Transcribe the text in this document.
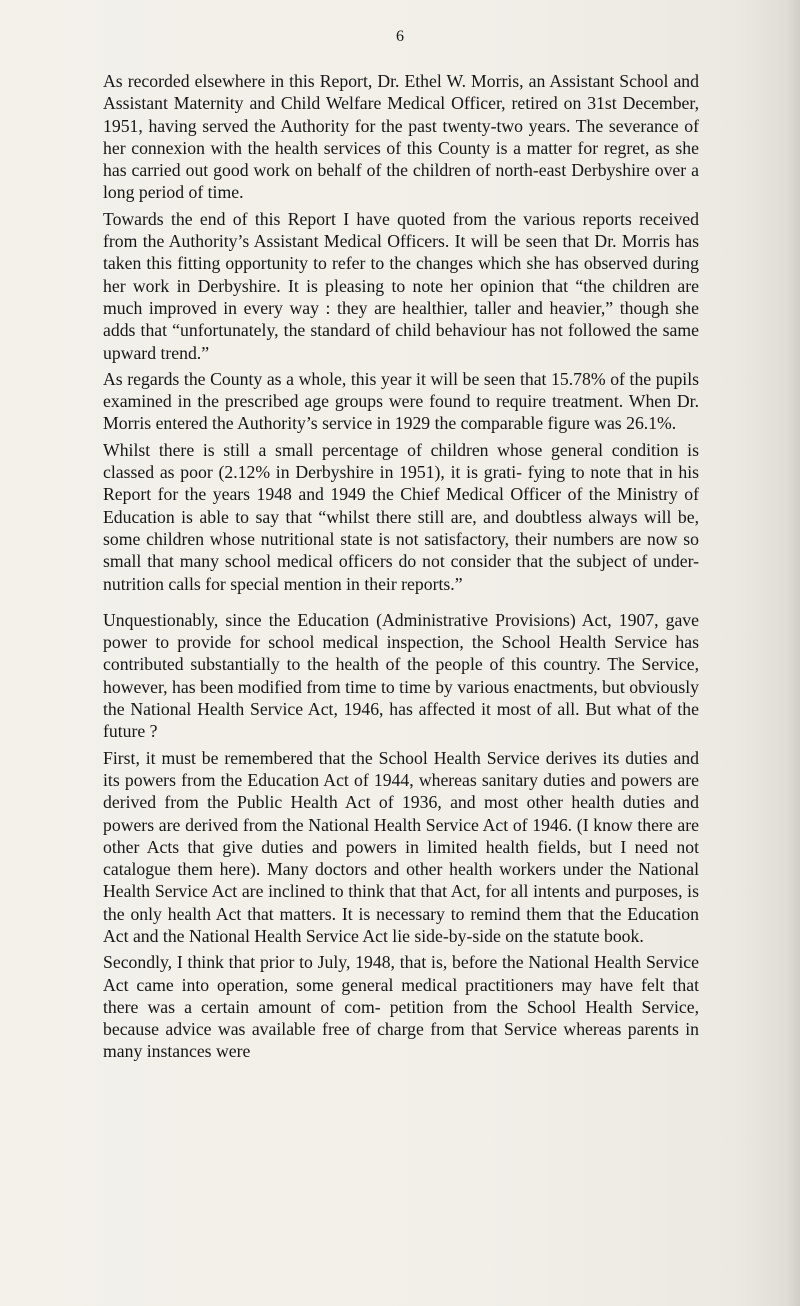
6

As recorded elsewhere in this Report, Dr. Ethel W. Morris, an Assistant School and Assistant Maternity and Child Welfare Medical Officer, retired on 31st December, 1951, having served the Authority for the past twenty-two years. The severance of her connexion with the health services of this County is a matter for regret, as she has carried out good work on behalf of the children of north-east Derbyshire over a long period of time.

Towards the end of this Report I have quoted from the various reports received from the Authority’s Assistant Medical Officers. It will be seen that Dr. Morris has taken this fitting opportunity to refer to the changes which she has observed during her work in Derbyshire. It is pleasing to note her opinion that “the children are much improved in every way : they are healthier, taller and heavier,” though she adds that “unfortunately, the standard of child behaviour has not followed the same upward trend.”

As regards the County as a whole, this year it will be seen that 15.78% of the pupils examined in the prescribed age groups were found to require treatment. When Dr. Morris entered the Authority’s service in 1929 the comparable figure was 26.1%.

Whilst there is still a small percentage of children whose general condition is classed as poor (2.12% in Derbyshire in 1951), it is grati- fying to note that in his Report for the years 1948 and 1949 the Chief Medical Officer of the Ministry of Education is able to say that “whilst there still are, and doubtless always will be, some children whose nutritional state is not satisfactory, their numbers are now so small that many school medical officers do not consider that the subject of under-nutrition calls for special mention in their reports.”

Unquestionably, since the Education (Administrative Provisions) Act, 1907, gave power to provide for school medical inspection, the School Health Service has contributed substantially to the health of the people of this country. The Service, however, has been modified from time to time by various enactments, but obviously the National Health Service Act, 1946, has affected it most of all. But what of the future ?

First, it must be remembered that the School Health Service derives its duties and its powers from the Education Act of 1944, whereas sanitary duties and powers are derived from the Public Health Act of 1936, and most other health duties and powers are derived from the National Health Service Act of 1946. (I know there are other Acts that give duties and powers in limited health fields, but I need not catalogue them here). Many doctors and other health workers under the National Health Service Act are inclined to think that that Act, for all intents and purposes, is the only health Act that matters. It is necessary to remind them that the Education Act and the National Health Service Act lie side-by-side on the statute book.

Secondly, I think that prior to July, 1948, that is, before the National Health Service Act came into operation, some general medical practitioners may have felt that there was a certain amount of com- petition from the School Health Service, because advice was available free of charge from that Service whereas parents in many instances were
